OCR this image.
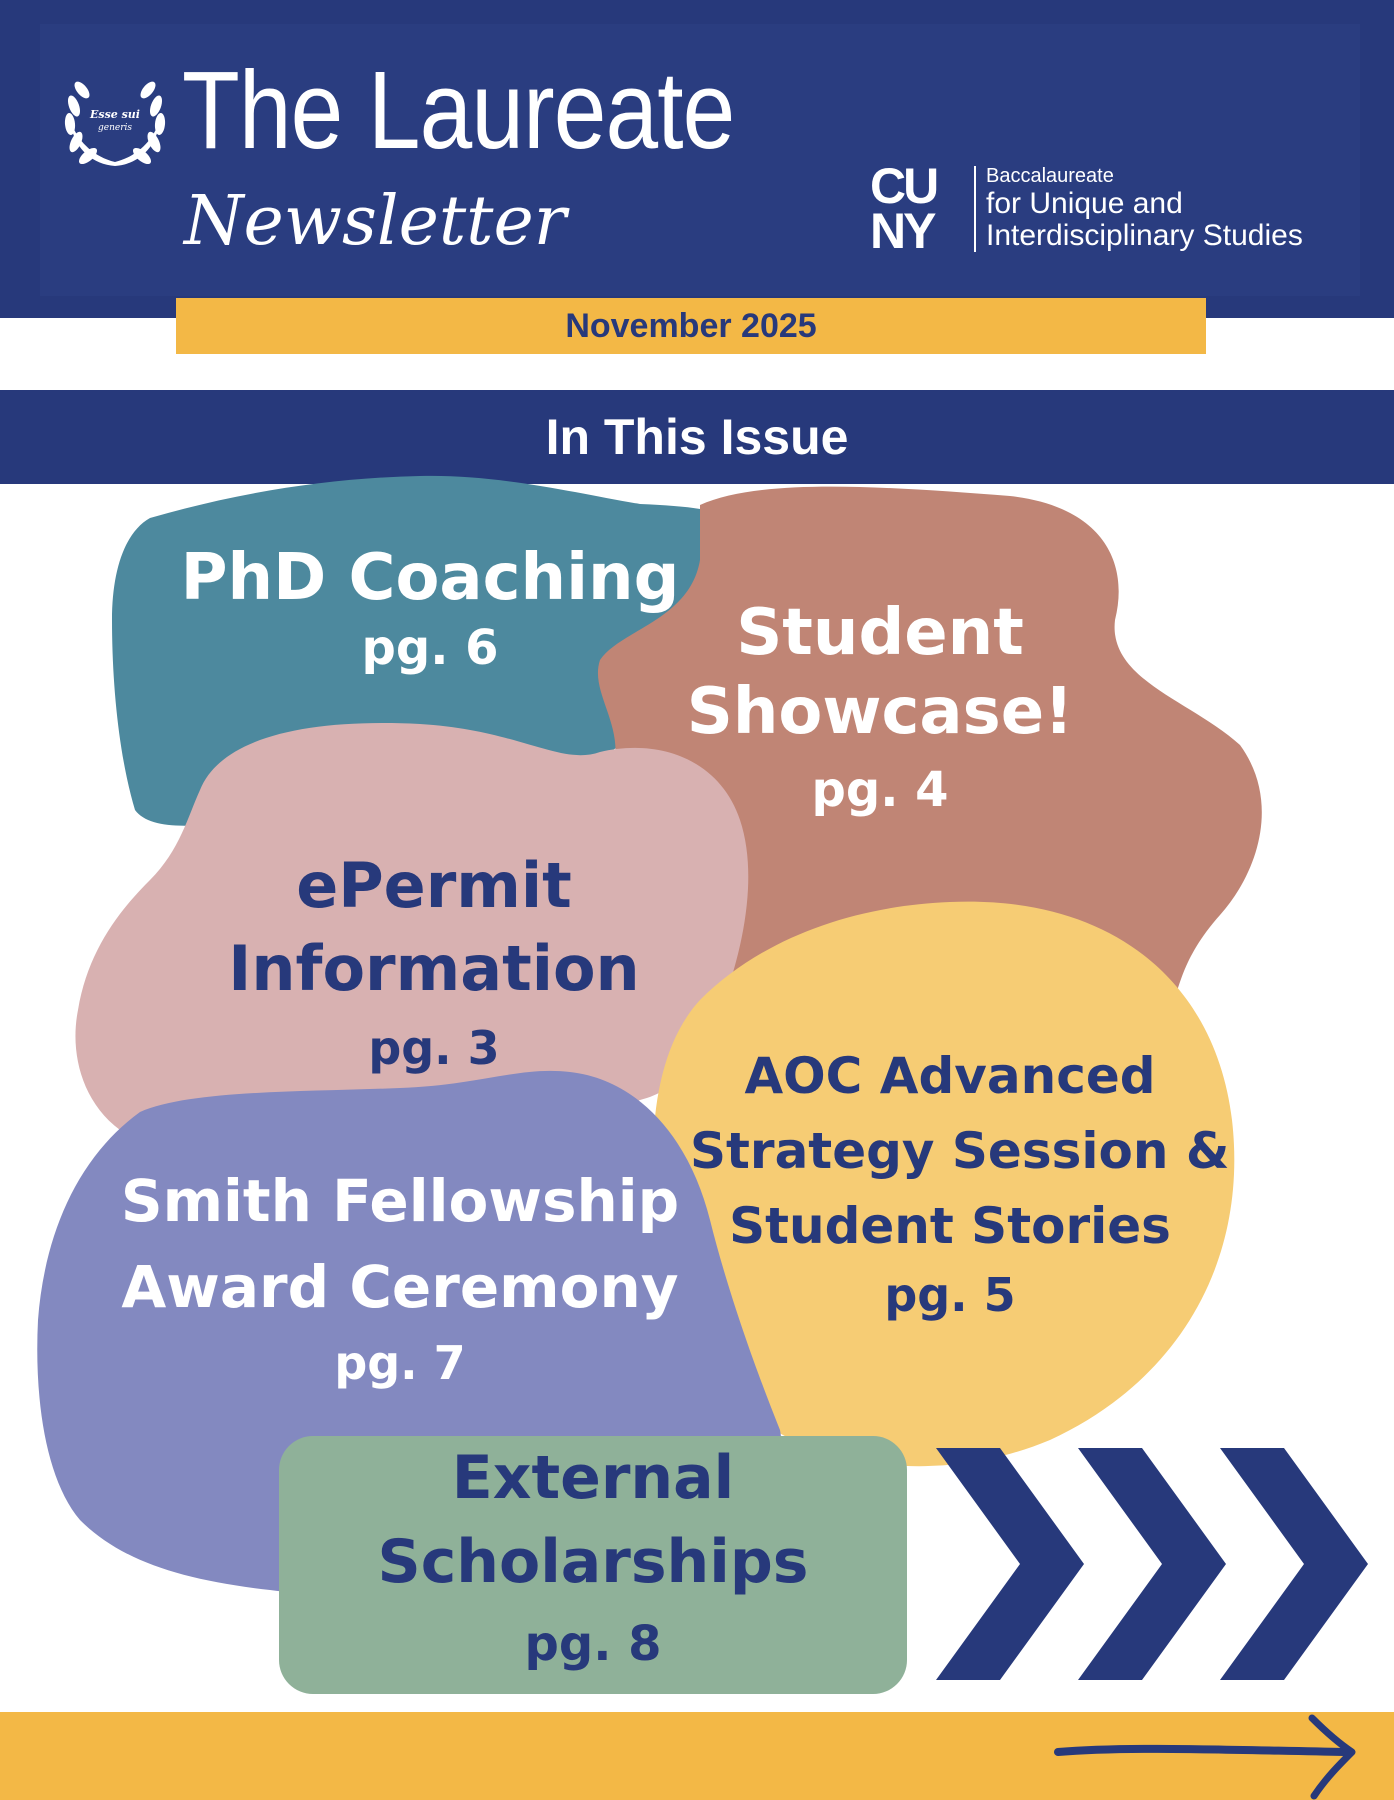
Esse sui
generis The Laureate
Newsletter	CU
NY
Baccalaureate
for Unique and
Interdisciplinary Studies
November 2025
In This Issue
PhD Coaching
pg. 6	Student
Showcase!
pg. 4
ePermit
Information
pg. 3	AOC Advanced
Strategy Session &
Student Stories
pg. 5
Smith Fellowship
Award Ceremony
pg. 7
External
Scholarships
pg. 8
